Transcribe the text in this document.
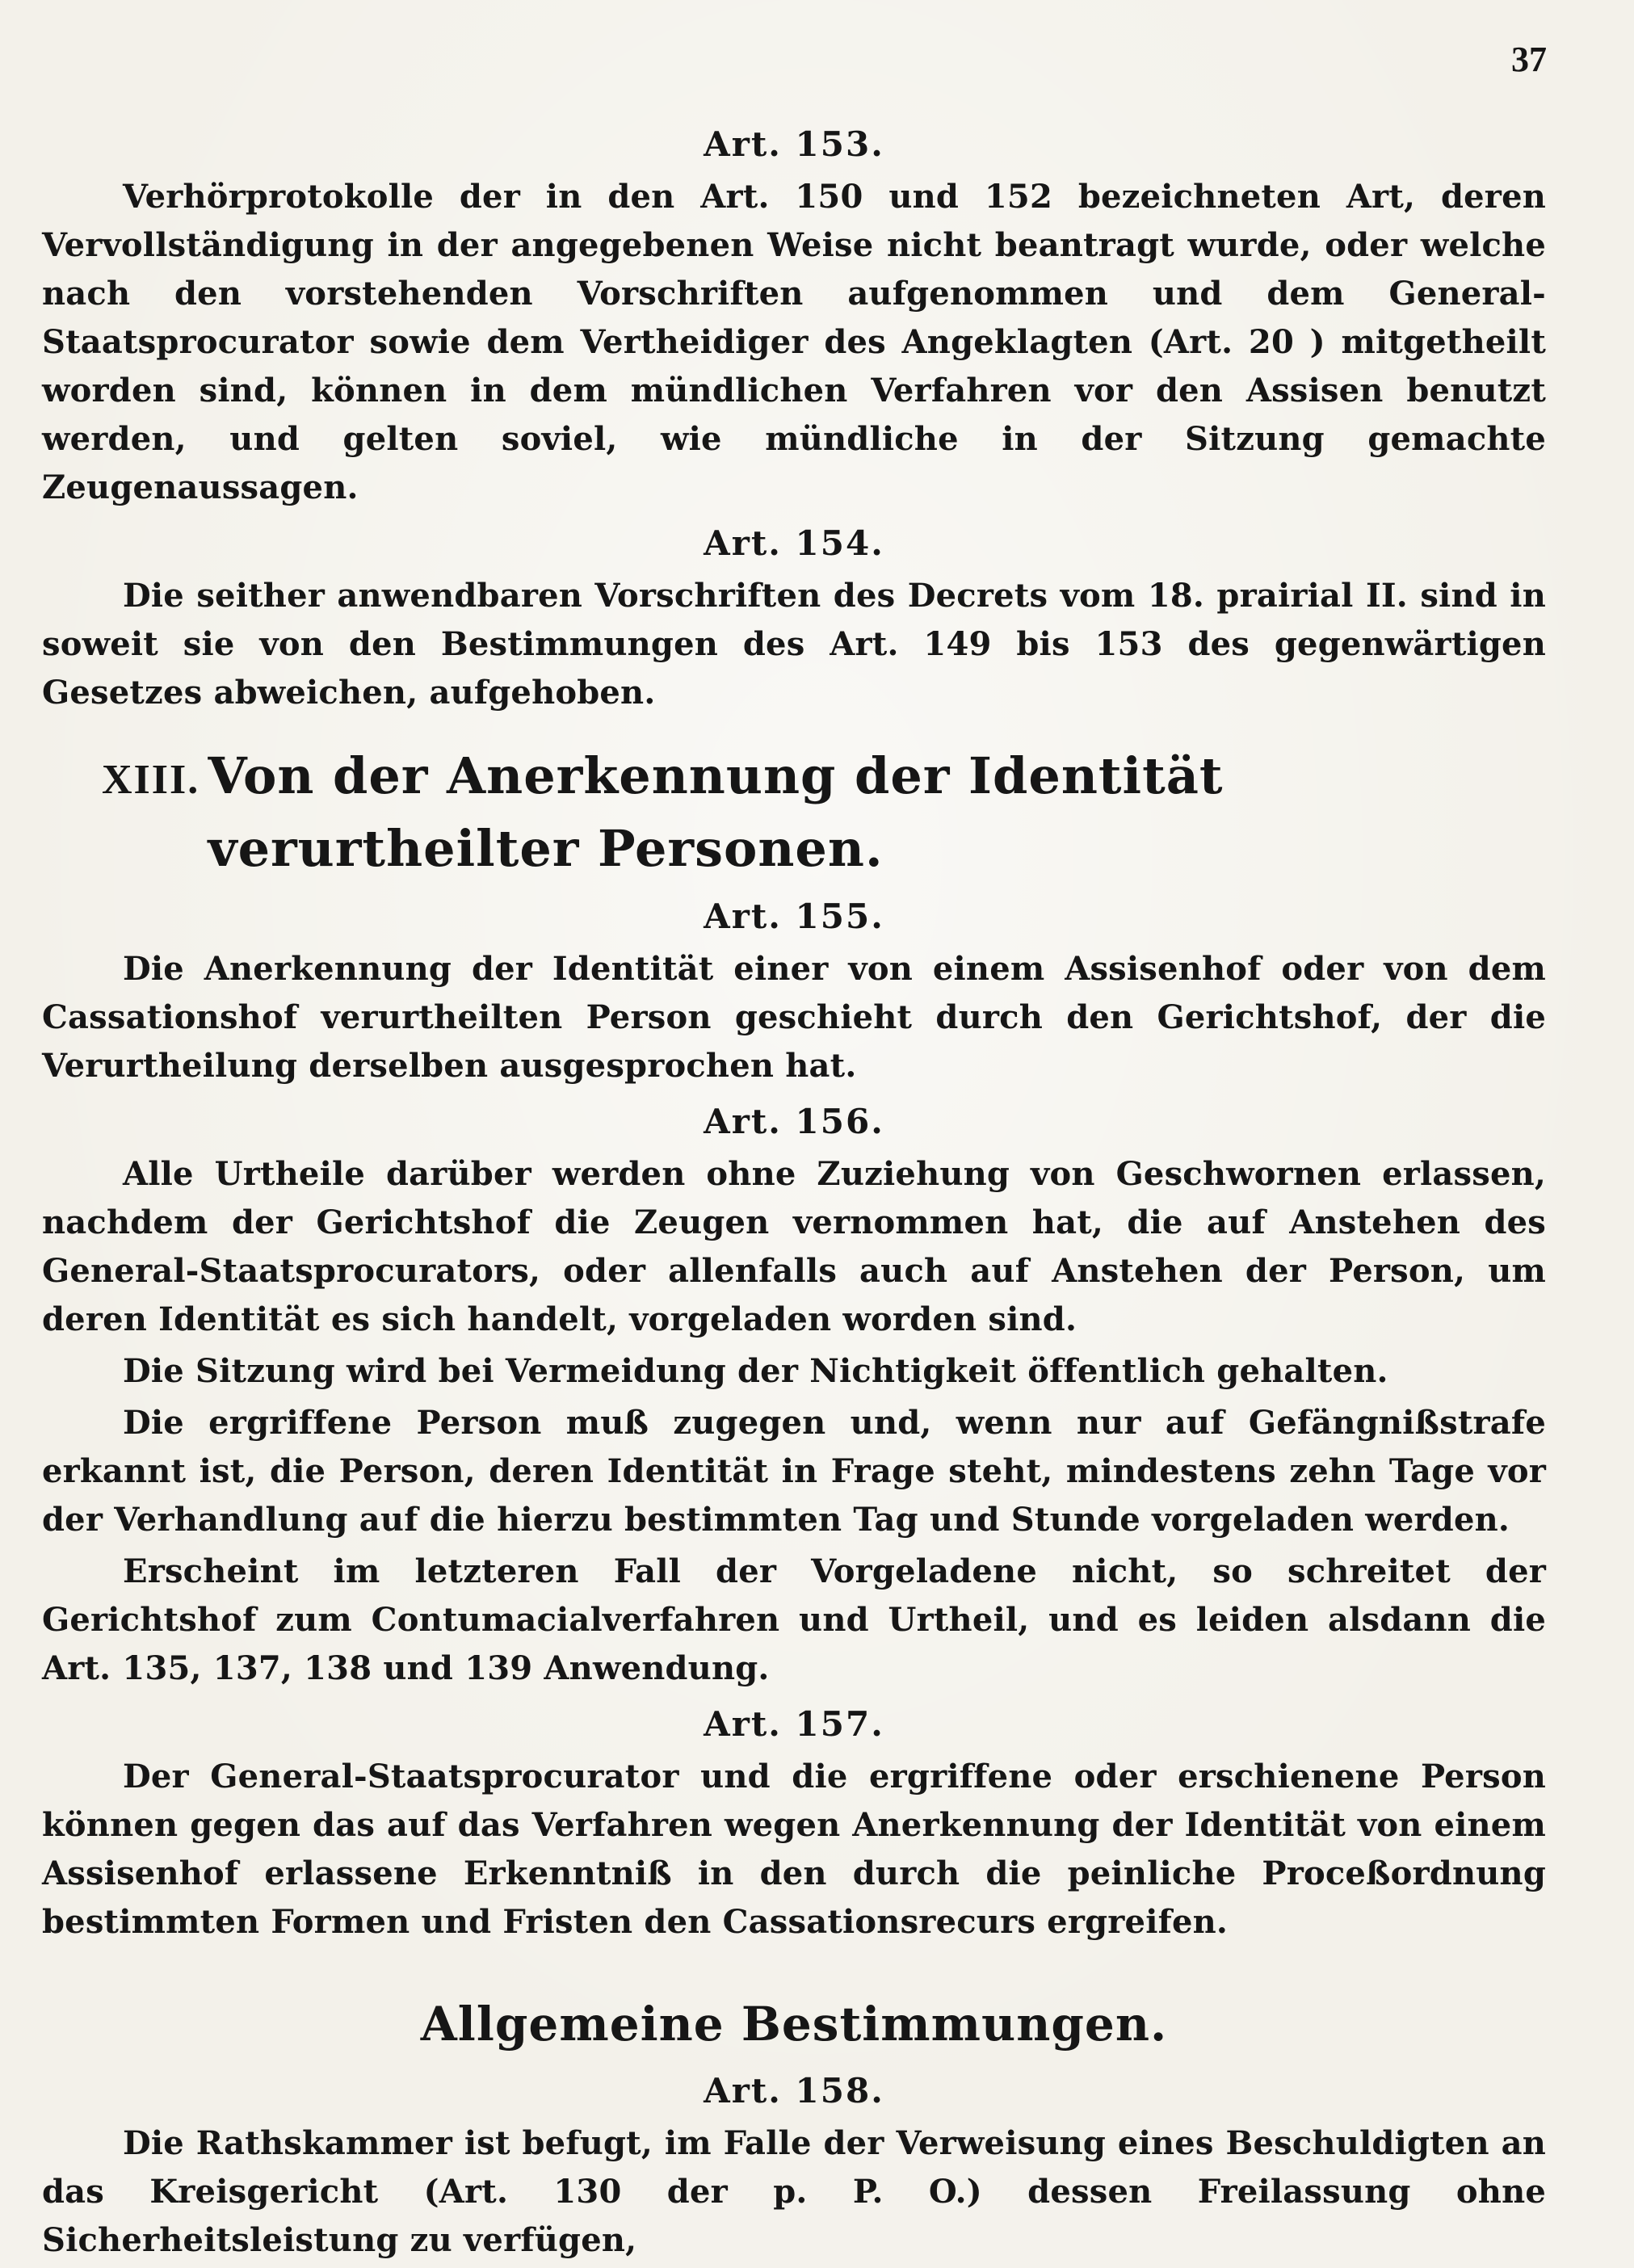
37
Art. 153.

Verhörprotokolle der in den Art. 150 und 152 bezeichneten Art, deren Vervollständigung in der angegebenen Weise nicht beantragt wurde, oder welche nach den vorstehenden Vorschriften aufgenommen und dem General-Staatsprocurator sowie dem Vertheidiger des Angeklagten (Art. 20 ) mitgetheilt worden sind, können in dem mündlichen Verfahren vor den Assisen benutzt werden, und gelten soviel, wie mündliche in der Sitzung gemachte Zeugenaussagen.

Art. 154.

Die seither anwendbaren Vorschriften des Decrets vom 18. prairial II. sind in soweit sie von den Bestimmungen des Art. 149 bis 153 des gegenwärtigen Gesetzes abweichen, aufgehoben.

XIII. Von der Anerkennung der Identität verurtheilter Personen.
Art. 155.

Die Anerkennung der Identität einer von einem Assisenhof oder von dem Cassationshof verurtheilten Person geschieht durch den Gerichtshof, der die Verurtheilung derselben ausgesprochen hat.

Art. 156.

Alle Urtheile darüber werden ohne Zuziehung von Geschwornen erlassen, nachdem der Gerichtshof die Zeugen vernommen hat, die auf Anstehen des General-Staatsprocurators, oder allenfalls auch auf Anstehen der Person, um deren Identität es sich handelt, vorgeladen worden sind.

Die Sitzung wird bei Vermeidung der Nichtigkeit öffentlich gehalten.

Die ergriffene Person muß zugegen und, wenn nur auf Gefängnißstrafe erkannt ist, die Person, deren Identität in Frage steht, mindestens zehn Tage vor der Verhandlung auf die hierzu bestimmten Tag und Stunde vorgeladen werden.

Erscheint im letzteren Fall der Vorgeladene nicht, so schreitet der Gerichtshof zum Contumacialverfahren und Urtheil, und es leiden alsdann die Art. 135, 137, 138 und 139 Anwendung.

Art. 157.

Der General-Staatsprocurator und die ergriffene oder erschienene Person können gegen das auf das Verfahren wegen Anerkennung der Identität von einem Assisenhof erlassene Erkenntniß in den durch die peinliche Proceßordnung bestimmten Formen und Fristen den Cassationsrecurs ergreifen.

Allgemeine Bestimmungen.
Art. 158.

Die Rathskammer ist befugt, im Falle der Verweisung eines Beschuldigten an das Kreisgericht (Art. 130 der p. P. O.) dessen Freilassung ohne Sicherheitsleistung zu verfügen,
